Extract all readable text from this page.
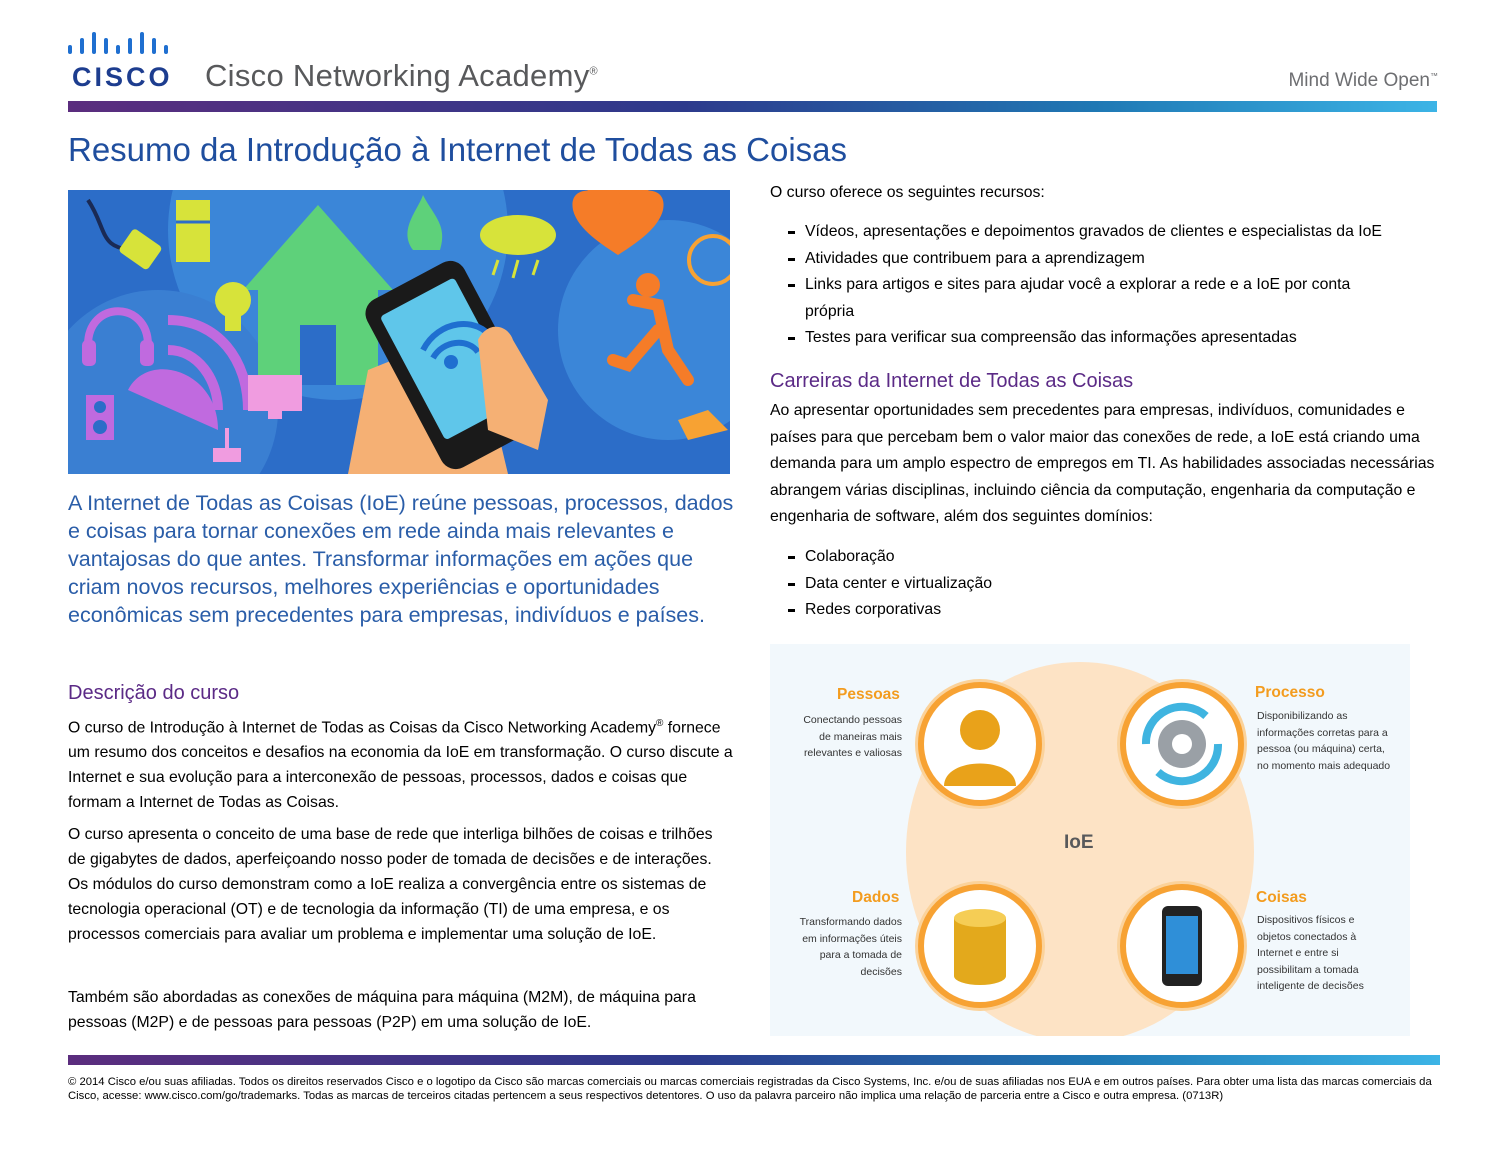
CISCO Cisco Networking Academy®	Mind Wide Open™
Resumo da Introdução à Internet de Todas as Coisas
A Internet de Todas as Coisas (IoE) reúne pessoas, processos, dados e coisas para tornar conexões em rede ainda mais relevantes e vantajosas do que antes. Transformar informações em ações que criam novos recursos, melhores experiências e oportunidades econômicas sem precedentes para empresas, indivíduos e países.
Descrição do curso
O curso de Introdução à Internet de Todas as Coisas da Cisco Networking Academy® fornece um resumo dos conceitos e desafios na economia da IoE em transformação. O curso discute a Internet e sua evolução para a interconexão de pessoas, processos, dados e coisas que formam a Internet de Todas as Coisas.
O curso apresenta o conceito de uma base de rede que interliga bilhões de coisas e trilhões de gigabytes de dados, aperfeiçoando nosso poder de tomada de decisões e de interações. Os módulos do curso demonstram como a IoE realiza a convergência entre os sistemas de tecnologia operacional (OT) e de tecnologia da informação (TI) de uma empresa, e os processos comerciais para avaliar um problema e implementar uma solução de IoE.
Também são abordadas as conexões de máquina para máquina (M2M), de máquina para pessoas (M2P) e de pessoas para pessoas (P2P) em uma solução de IoE.
O curso oferece os seguintes recursos:
Vídeos, apresentações e depoimentos gravados de clientes e especialistas da IoE
Atividades que contribuem para a aprendizagem
Links para artigos e sites para ajudar você a explorar a rede e a IoE por conta própria
Testes para verificar sua compreensão das informações apresentadas
Carreiras da Internet de Todas as Coisas
Ao apresentar oportunidades sem precedentes para empresas, indivíduos, comunidades e países para que percebam bem o valor maior das conexões de rede, a IoE está criando uma demanda para um amplo espectro de empregos em TI. As habilidades associadas necessárias abrangem várias disciplinas, incluindo ciência da computação, engenharia da computação e engenharia de software, além dos seguintes domínios:
Colaboração
Data center e virtualização
Redes corporativas
IoE
Pessoas
Conectando pessoas de maneiras mais relevantes e valiosas
Processo
Disponibilizando as informações corretas para a pessoa (ou máquina) certa, no momento mais adequado
Dados
Transformando dados em informações úteis para a tomada de decisões
Coisas
Dispositivos físicos e objetos conectados à Internet e entre si possibilitam a tomada inteligente de decisões
© 2014 Cisco e/ou suas afiliadas. Todos os direitos reservados Cisco e o logotipo da Cisco são marcas comerciais ou marcas comerciais registradas da Cisco Systems, Inc. e/ou de suas afiliadas nos EUA e em outros países. Para obter uma lista das marcas comerciais da Cisco, acesse: www.cisco.com/go/trademarks. Todas as marcas de terceiros citadas pertencem a seus respectivos detentores. O uso da palavra parceiro não implica uma relação de parceria entre a Cisco e outra empresa. (0713R)
